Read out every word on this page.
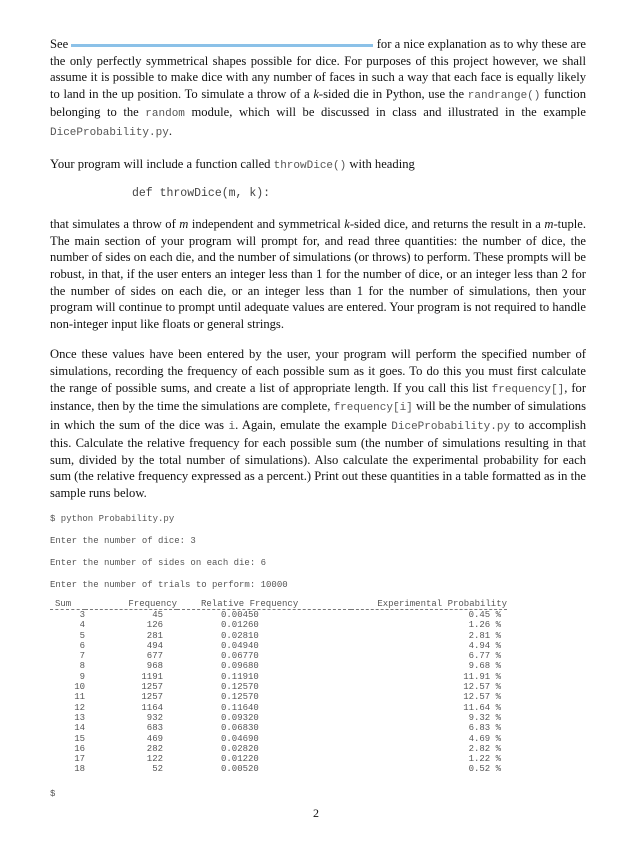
See	for a nice explanation as to why these are the only perfectly symmetrical shapes possible for dice. For purposes of this project however, we shall assume it is possible to make dice with any number of faces in such a way that each face is equally likely to land in the up position. To simulate a throw of a k-sided die in Python, use the randrange() function belonging to the random module, which will be discussed in class and illustrated in the example DiceProbability.py.

Your program will include a function called throwDice() with heading

def throwDice(m, k):

that simulates a throw of m independent and symmetrical k-sided dice, and returns the result in a m-tuple. The main section of your program will prompt for, and read three quantities: the number of dice, the number of sides on each die, and the number of simulations (or throws) to perform. These prompts will be robust, in that, if the user enters an integer less than 1 for the number of dice, or an integer less than 2 for the number of sides on each die, or an integer less than 1 for the number of simulations, then your program will continue to prompt until adequate values are entered. Your program is not required to handle non-integer input like floats or general strings.

Once these values have been entered by the user, your program will perform the specified number of simulations, recording the frequency of each possible sum as it goes. To do this you must first calculate the range of possible sums, and create a list of appropriate length. If you call this list frequency[], for instance, then by the time the simulations are complete, frequency[i] will be the number of simulations in which the sum of the dice was i. Again, emulate the example DiceProbability.py to accomplish this. Calculate the relative frequency for each possible sum (the number of simulations resulting in that sum, divided by the total number of simulations). Also calculate the experimental probability for each sum (the relative frequency expressed as a percent.) Print out these quantities in a table formatted as in the sample runs below.

$ python Probability.py

Enter the number of dice: 3

Enter the number of sides on each die: 6

Enter the number of trials to perform: 10000

Sum	Frequency	Relative Frequency	Experimental Probability

3	45	0.00450	0.45 %
4	126	0.01260	1.26 %
5	281	0.02810	2.81 %
6	494	0.04940	4.94 %
7	677	0.06770	6.77 %
8	968	0.09680	9.68 %
9	1191	0.11910	11.91 %
10	1257	0.12570	12.57 %
11	1257	0.12570	12.57 %
12	1164	0.11640	11.64 %
13	932	0.09320	9.32 %
14	683	0.06830	6.83 %
15	469	0.04690	4.69 %
16	282	0.02820	2.82 %
17	122	0.01220	1.22 %
18	52	0.00520	0.52 %

$

2
